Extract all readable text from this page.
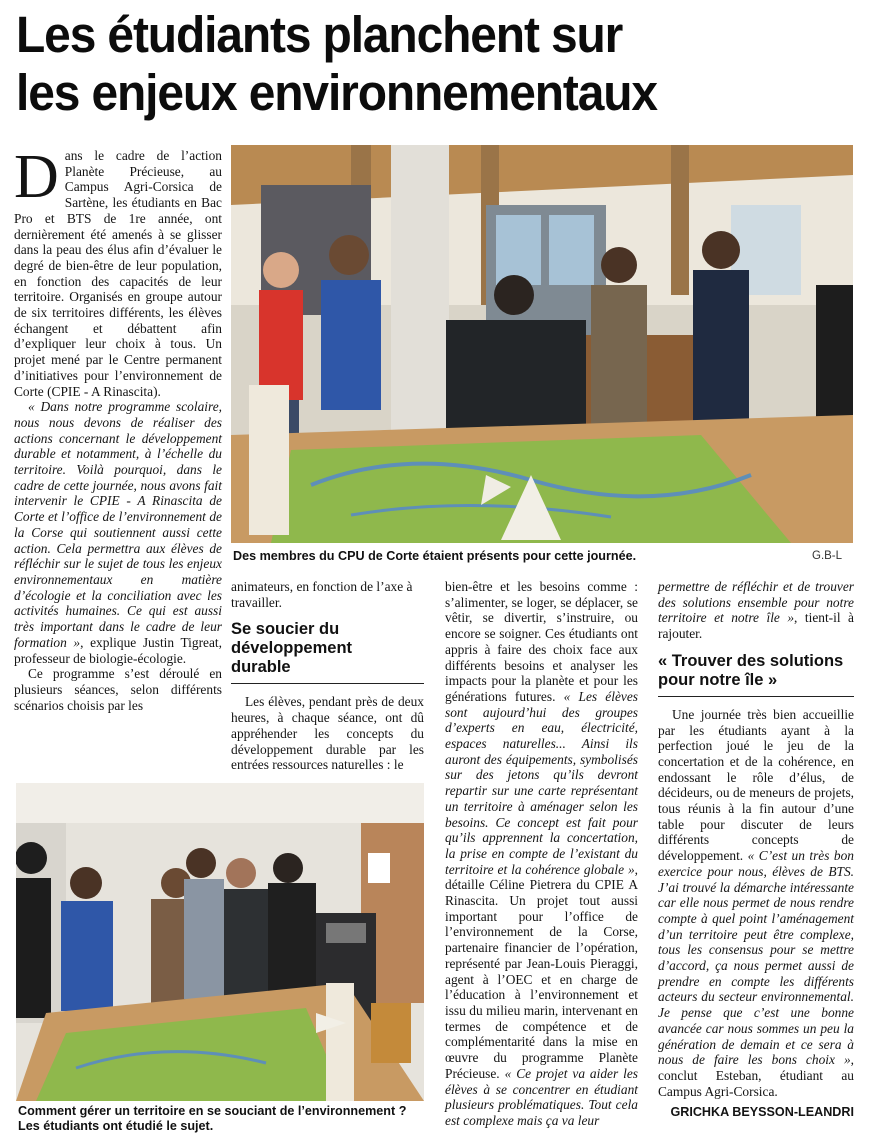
Les étudiants planchent sur
les enjeux environnementaux

Dans le cadre de l’action Planète Précieuse, au Campus Agri-Corsica de Sartène, les étudiants en Bac Pro et BTS de 1re année, ont dernièrement été amenés à se glisser dans la peau des élus afin d’évaluer le degré de bien-être de leur population, en fonction des capacités de leur territoire. Organisés en groupe autour de six territoires différents, les élèves échangent et débattent afin d’expliquer leur choix à tous. Un projet mené par le Centre permanent d’initiatives pour l’environnement de Corte (CPIE - A Rinascita).

« Dans notre programme scolaire, nous nous devons de réaliser des actions concernant le développement durable et notamment, à l’échelle du territoire. Voilà pourquoi, dans le cadre de cette journée, nous avons fait intervenir le CPIE - A Rinascita de Corte et l’office de l’environnement de la Corse qui soutiennent aussi cette action. Cela permettra aux élèves de réfléchir sur le sujet de tous les enjeux environnementaux en matière d’écologie et la conciliation avec les activités humaines. Ce qui est aussi très important dans le cadre de leur formation », explique Justin Tigreat, professeur de biologie-écologie.

Ce programme s’est déroulé en plusieurs séances, selon différents scénarios choisis par les

Des membres du CPU de Corte étaient présents pour cette journée.	G.B-L

animateurs, en fonction de l’axe à travailler.

Se soucier du développement durable

Les élèves, pendant près de deux heures, à chaque séance, ont dû appréhender les concepts du développement durable par les entrées ressources naturelles : le

bien-être et les besoins comme : s’alimenter, se loger, se déplacer, se vêtir, se divertir, s’instruire, ou encore se soigner. Ces étudiants ont appris à faire des choix face aux différents besoins et analyser les impacts pour la planète et pour les générations futures. « Les élèves sont aujourd’hui des groupes d’experts en eau, électricité, espaces naturelles... Ainsi ils auront des équipements, symbolisés sur des jetons qu’ils devront repartir sur une carte représentant un territoire à aménager selon les besoins. Ce concept est fait pour qu’ils apprennent la concertation, la prise en compte de l’existant du territoire et la cohérence globale », détaille Céline Pietrera du CPIE A Rinascita. Un projet tout aussi important pour l’office de l’environnement de la Corse, partenaire financier de l’opération, représenté par Jean-Louis Pieraggi, agent à l’OEC et en charge de l’éducation à l’environnement et issu du milieu marin, intervenant en termes de compétence et de complémentarité dans la mise en œuvre du programme Planète Précieuse. « Ce projet va aider les élèves à se concentrer en étudiant plusieurs problématiques. Tout cela est complexe mais ça va leur

permettre de réfléchir et de trouver des solutions ensemble pour notre territoire et notre île », tient-il à rajouter.

« Trouver des solutions pour notre île »

Une journée très bien accueillie par les étudiants ayant à la perfection joué le jeu de la concertation et de la cohérence, en endossant le rôle d’élus, de décideurs, ou de meneurs de projets, tous réunis à la fin autour d’une table pour discuter de leurs différents concepts de développement. « C’est un très bon exercice pour nous, élèves de BTS. J’ai trouvé la démarche intéressante car elle nous permet de nous rendre compte à quel point l’aménagement d’un territoire peut être complexe, tous les consensus pour se mettre d’accord, ça nous permet aussi de prendre en compte les différents acteurs du secteur environnemental. Je pense que c’est une bonne avancée car nous sommes un peu la génération de demain et ce sera à nous de faire les bons choix », conclut Esteban, étudiant au Campus Agri-Corsica.

GRICHKA BEYSSON-LEANDRI
Comment gérer un territoire en se souciant de l’environnement ? Les étudiants ont étudié le sujet.
